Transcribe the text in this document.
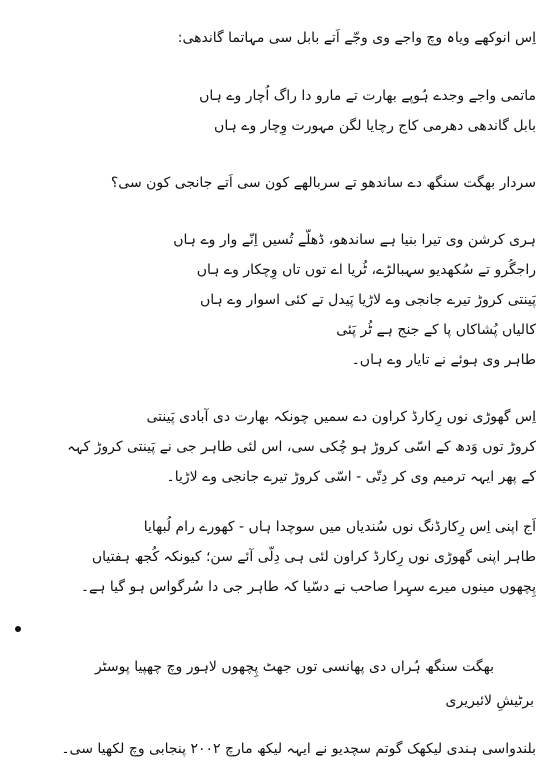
اِس انوکھے ویاہ وچ واجے وی وجّے اَتے بابل سی مہاتما گاندھی:
ماتمی واجے وجدے ہُوپے بھارت تے مارو دا راگ اُچار وے ہاں
بابل گاندھی دھرمی کاج رچایا لگن مہورت وِچار وے ہاں
سردار بھگت سنگھ دے ساندھو تے سربالھے کون سی اَتے جانجی کون سی؟
ہری کرشن وی تیرا بنیا ہے ساندھو، ڈھلّے تُسیں اِنّے وار وے ہاں
راجگُرو تے سُکھدیو سہبالڑے، ٹُریا اے توں تاں وِچکار وے ہاں
پَینتی کروڑ تیرے جانجی وے لاڑیا پَیدل تے کئی اسوار وے ہاں
کالیاں پُشاکاں پا کے جنج ہے ٹُر پَئی
طاہر وی ہوئے نے تایار وے ہاں۔
اِس گھوڑی نوں رِکارڈ کراون دے سمیں چونکہ بھارت دی آبادی پَینتی
کروڑ توں وَدھ کے اسّی کروڑ ہو چُکی سی، اس لئی طاہر جی نے پَینتی کروڑ کہہ
کے پھر ایہہ ترمیم وی کر دِتّی - اسّی کروڑ تیرے جانجی وے لاڑیا۔
اَج اپنی اِس رِکارڈنگ نوں سُندیاں میں سوچدا ہاں - کھورے رام لُبھایا
طاہر اپنی گھوڑی نوں رِکارڈ کراون لئی ہی دِلّی آئے سن؛ کیونکہ کُجھ ہفتیاں
پِچھوں مینوں میرے سہِرا صاحب نے دسّیا کہ طاہر جی دا سُرگواس ہو گیا ہے۔
بھگت سنگھ ہُراں دی پھانسی توں جھٹ پِچھوں لاہور وچ چھپیا پوسٹر
برٹیشِ لائبریری
بلندواسی ہندی لیکھک گوتم سچدیو نے ایہہ لیکھ مارچ ۲۰۰۲ پنجابی وچ لکھیا سی۔
